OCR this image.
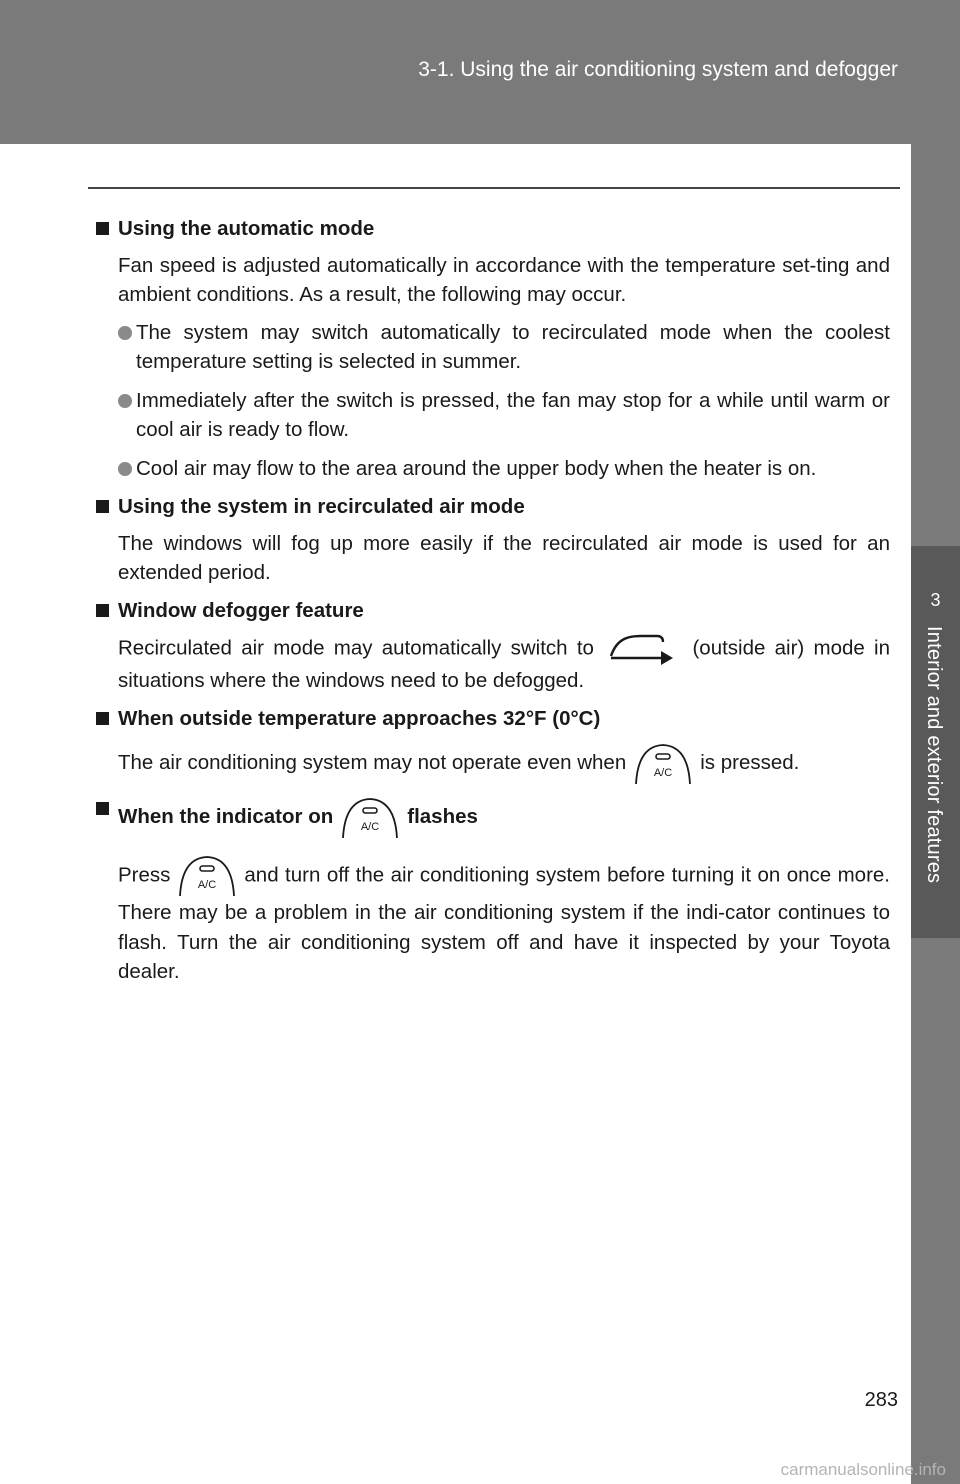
3-1. Using the air conditioning system and defogger
3
Interior and exterior features

Using the automatic mode

Fan speed is adjusted automatically in accordance with the temperature set-ting and ambient conditions. As a result, the following may occur.

The system may switch automatically to recirculated mode when the coolest temperature setting is selected in summer.

Immediately after the switch is pressed, the fan may stop for a while until warm or cool air is ready to flow.

Cool air may flow to the area around the upper body when the heater is on.

Using the system in recirculated air mode

The windows will fog up more easily if the recirculated air mode is used for an extended period.

Window defogger feature

Recirculated air mode may automatically switch to	(outside air) mode in situations where the windows need to be defogged.

When outside temperature approaches 32°F (0°C)

The air conditioning system may not operate even when	A/C is pressed.

When the indicator on	A/C flashes

Press	A/C and turn off the air conditioning system before turning it on once more. There may be a problem in the air conditioning system if the indi-cator continues to flash. Turn the air conditioning system off and have it inspected by your Toyota dealer.

283
carmanualsonline.info
